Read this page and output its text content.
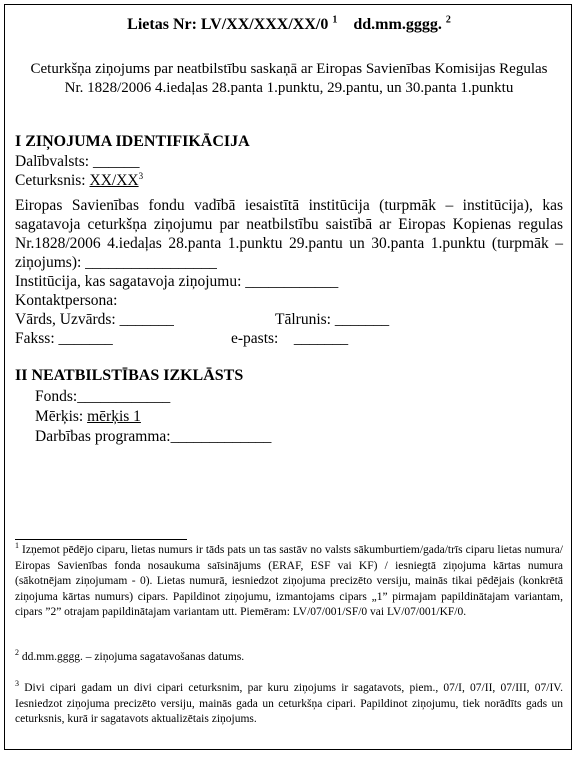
Lietas Nr: LV/XX/XXX/XX/0 $^1$ dd.mm.gggg. $^2$
Ceturkšņa ziņojums par neatbilstību saskaņā ar Eiropas Savienības Komisijas Regulas Nr. 1828/2006 4.iedaļas 28.panta 1.punktu, 29.pantu, un 30.panta 1.punktu
I ZIŅOJUMA IDENTIFIKĀCIJA
Dalībvalsts: ______
Ceturksnis: $XX/XX^3$
Eiropas Savienības fondu vadībā iesaistītā institūcija (turpmāk – institūcija), kas sagatavoja ceturkšņa ziņojumu par neatbilstību saistībā ar Eiropas Kopienas regulas Nr.1828/2006 4.iedaļas 28.panta 1.punktu 29.pantu un 30.panta 1.punktu (turpmāk –ziņojums): _________________
Institūcija, kas sagatavoja ziņojumu: ____________
Kontaktpersona:
Vārds, Uzvārds: _______	Tālrunis: _______
Fakss: _______	e-pasts: _______
II NEATBILSTĪBAS IZKLĀSTS
Fonds:____________
Mērķis: mērķis 1
Darbības programma:_____________
$^1$ Izņemot pēdējo ciparu, lietas numurs ir tāds pats un tas sastāv no valsts sākumburtiem/gada/trīs ciparu lietas numura/ Eiropas Savienības fonda nosaukuma saīsinājums (ERAF, ESF vai KF) / iesniegtā ziņojuma kārtas numura (sākotnējam ziņojumam - 0). Lietas numurā, iesniedzot ziņojuma precizēto versiju, mainās tikai pēdējais (konkrētā ziņojuma kārtas numurs) cipars. Papildinot ziņojumu, izmantojams cipars „1” pirmajam papildinātajam variantam, cipars ”2” otrajam papildinātajam variantam utt. Piemēram: LV/07/001/SF/0 vai LV/07/001/KF/0.
$^2$ dd.mm.gggg. – ziņojuma sagatavošanas datums.
$^3$ Divi cipari gadam un divi cipari ceturksnim, par kuru ziņojums ir sagatavots, piem., 07/I, 07/II, 07/III, 07/IV. Iesniedzot ziņojuma precizēto versiju, mainās gada un ceturkšņa cipari. Papildinot ziņojumu, tiek norādīts gads un ceturksnis, kurā ir sagatavots aktualizētais ziņojums.
